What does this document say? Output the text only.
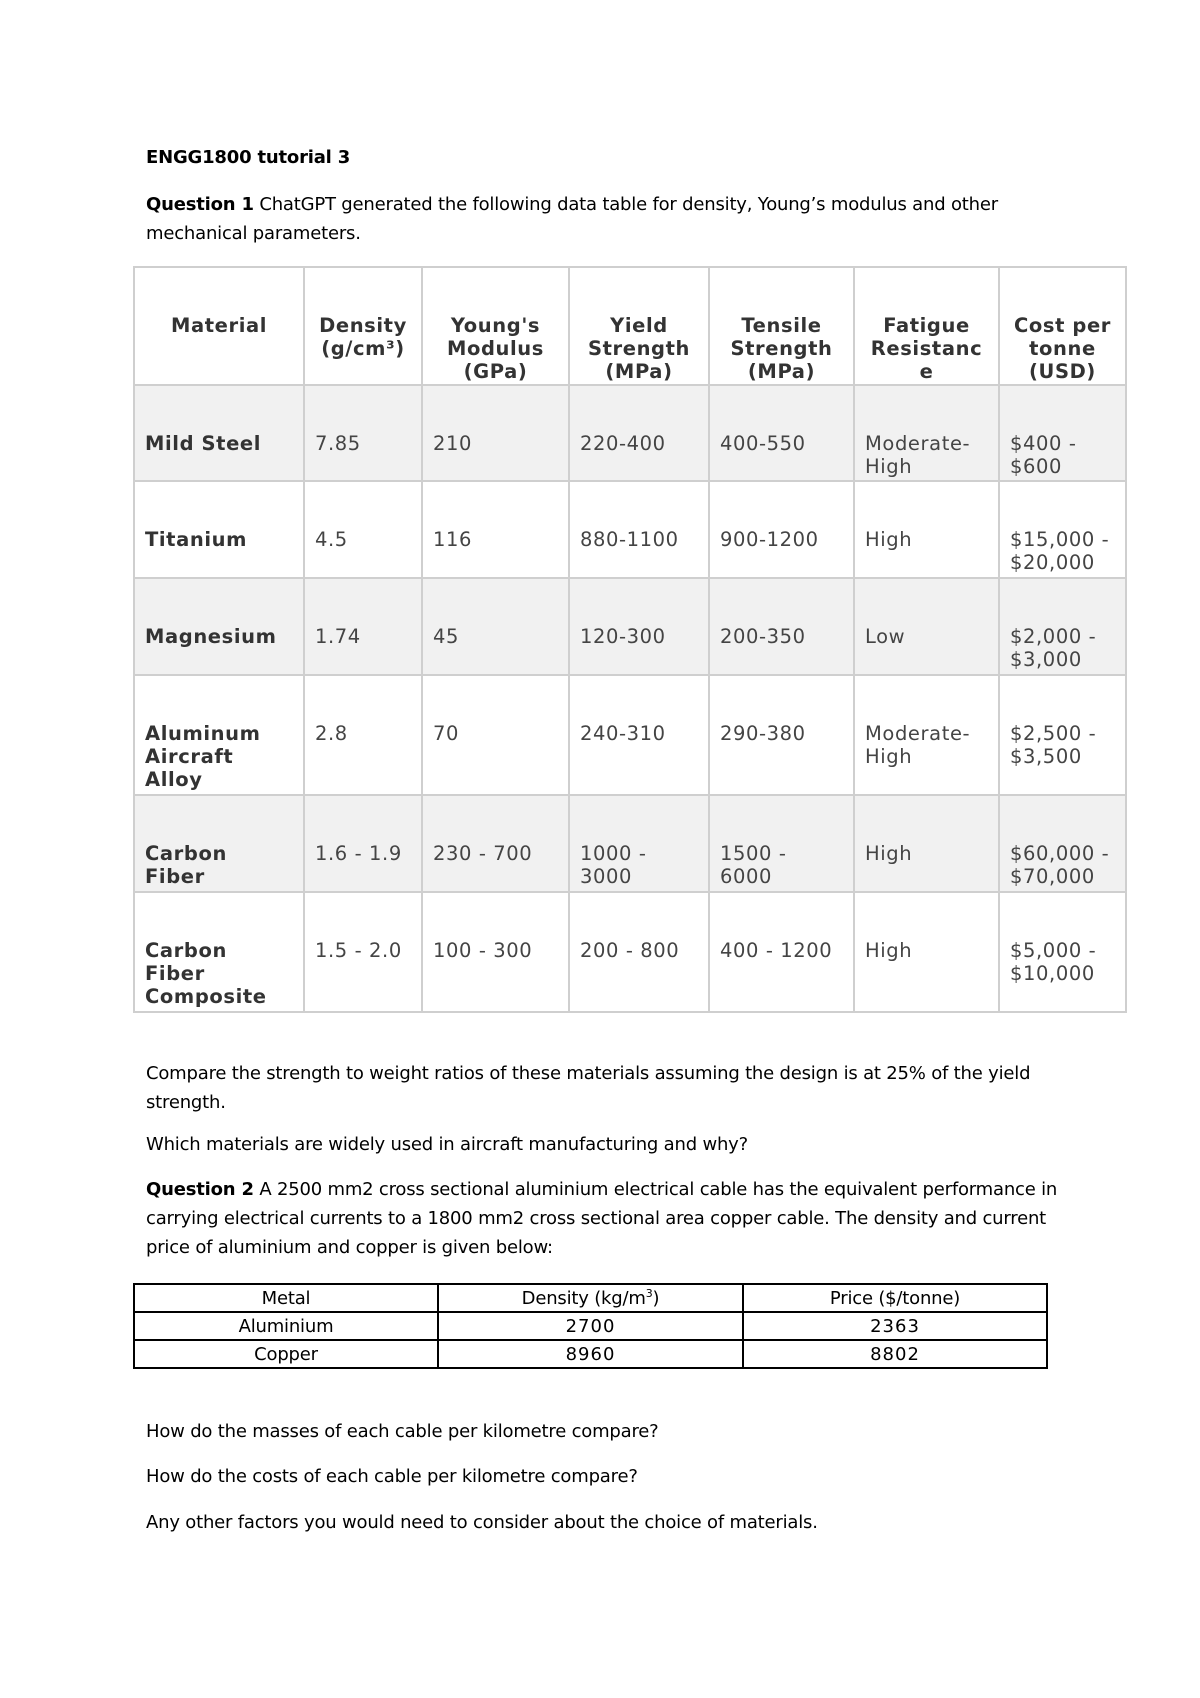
ENGG1800 tutorial 3
Question 1 ChatGPT generated the following data table for density, Young’s modulus and other mechanical parameters.
Material	Density (g/cm³)	Young's Modulus (GPa)	Yield Strength (MPa)	Tensile Strength (MPa)	Fatigue Resistanc e	Cost per tonne (USD)
Mild Steel	7.85	210	220-400	400-550	Moderate-High	$400 - $600
Titanium	4.5	116	880-1100	900-1200	High	$15,000 - $20,000
Magnesium	1.74	45	120-300	200-350	Low	$2,000 - $3,000
Aluminum Aircraft Alloy	2.8	70	240-310	290-380	Moderate-High	$2,500 - $3,500
Carbon Fiber	1.6 - 1.9	230 - 700	1000 - 3000	1500 - 6000	High	$60,000 - $70,000
Carbon Fiber Composite	1.5 - 2.0	100 - 300	200 - 800	400 - 1200	High	$5,000 - $10,000
Compare the strength to weight ratios of these materials assuming the design is at 25% of the yield strength.
Which materials are widely used in aircraft manufacturing and why?
Question 2 A 2500 mm2 cross sectional aluminium electrical cable has the equivalent performance in carrying electrical currents to a 1800 mm2 cross sectional area copper cable. The density and current price of aluminium and copper is given below:
Metal	Density $(kg/m^3)$	Price ($/tonne)
Aluminium	2700	2363
Copper	8960	8802
How do the masses of each cable per kilometre compare?
How do the costs of each cable per kilometre compare?
Any other factors you would need to consider about the choice of materials.
